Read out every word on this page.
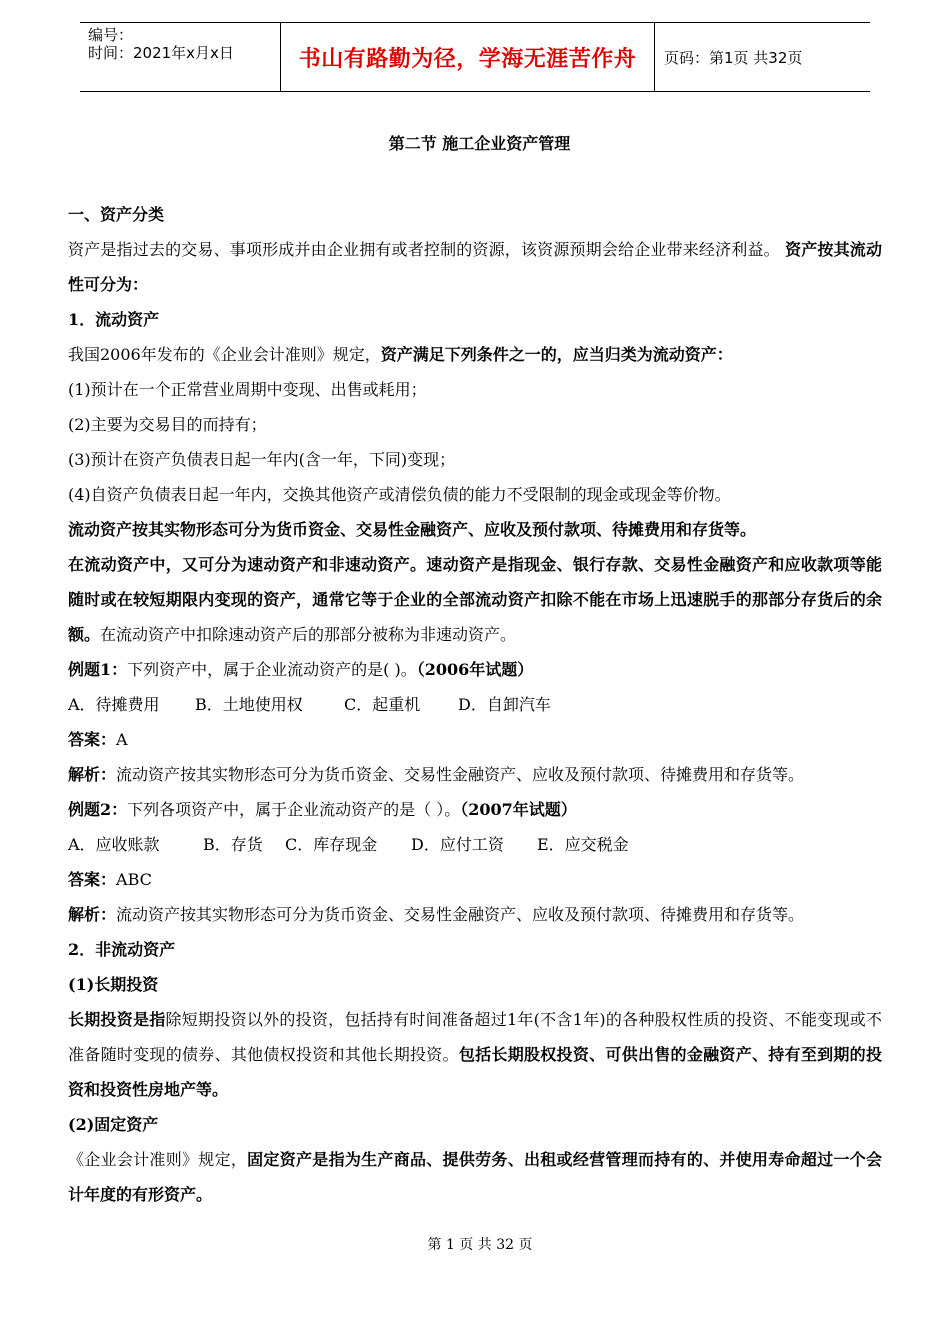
编号：
时间：2021年x月x日	书山有路勤为径，学海无涯苦作舟	页码：第1页 共32页
第二节 施工企业资产管理

一、资产分类

资产是指过去的交易、事项形成并由企业拥有或者控制的资源，该资源预期会给企业带来经济利益。 资产按其流动性可分为：

1．流动资产

我国2006年发布的《企业会计准则》规定，资产满足下列条件之一的，应当归类为流动资产：

(1)预计在一个正常营业周期中变现、出售或耗用；

(2)主要为交易目的而持有；

(3)预计在资产负债表日起一年内(含一年，下同)变现；

(4)自资产负债表日起一年内，交换其他资产或清偿负债的能力不受限制的现金或现金等价物。

流动资产按其实物形态可分为货币资金、交易性金融资产、应收及预付款项、待摊费用和存货等。

在流动资产中，又可分为速动资产和非速动资产。速动资产是指现金、银行存款、交易性金融资产和应收款项等能随时或在较短期限内变现的资产，通常它等于企业的全部流动资产扣除不能在市场上迅速脱手的那部分存货后的余额。在流动资产中扣除速动资产后的那部分被称为非速动资产。

例题1：下列资产中，属于企业流动资产的是( )。（2006年试题）

A．待摊费用 B．土地使用权	C．起重机 D．自卸汽车

答案：A

解析：流动资产按其实物形态可分为货币资金、交易性金融资产、应收及预付款项、待摊费用和存货等。

例题2：下列各项资产中，属于企业流动资产的是（ ）。（2007年试题）

A．应收账款	B．存货 C．库存现金 D．应付工资 E．应交税金

答案：ABC

解析：流动资产按其实物形态可分为货币资金、交易性金融资产、应收及预付款项、待摊费用和存货等。

2．非流动资产

(1)长期投资

长期投资是指除短期投资以外的投资，包括持有时间准备超过1年(不含1年)的各种股权性质的投资、不能变现或不准备随时变现的债券、其他债权投资和其他长期投资。包括长期股权投资、可供出售的金融资产、持有至到期的投资和投资性房地产等。

(2)固定资产

《企业会计准则》规定，固定资产是指为生产商品、提供劳务、出租或经营管理而持有的、并使用寿命超过一个会计年度的有形资产。

第 1 页 共 32 页
